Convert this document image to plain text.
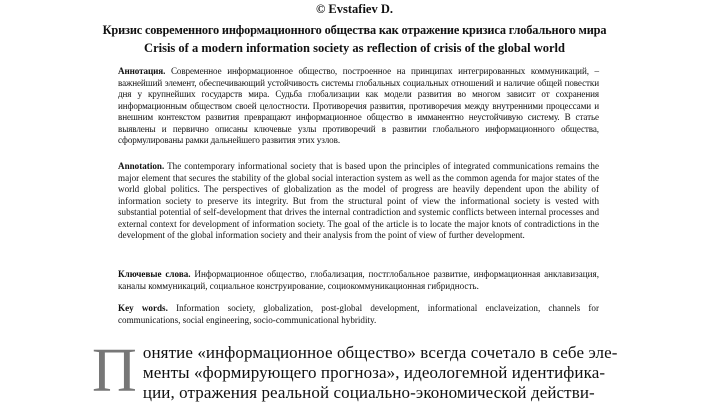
© Evstafiev D.
Кризис современного информационного общества как отражение кризиса глобального мира
Crisis of a modern information society as reflection of crisis of the global world
Аннотация. Современное информационное общество, построенное на принципах интегрированных коммуникаций, – важнейший элемент, обеспечивающий устойчивость системы глобальных социальных отношений и наличие общей повестки дня у крупнейших государств мира. Судьба глобализации как модели развития во многом зависит от сохранения информационным обществом своей целостности. Противоречия развития, противоречия между внутренними процессами и внешним контекстом развития превращают информационное общество в имманентно неустойчивую систему. В статье выявлены и первично описаны ключевые узлы противоречий в развитии глобального информационного общества, сформулированы рамки дальнейшего развития этих узлов.
Annotation. The contemporary informational society that is based upon the principles of integrated communications remains the major element that secures the stability of the global social interaction system as well as the common agenda for major states of the world global politics. The perspectives of globalization as the model of progress are heavily dependent upon the ability of information society to preserve its integrity. But from the structural point of view the informational society is vested with substantial potential of self-development that drives the internal contradiction and systemic conflicts between internal processes and external context for development of information society. The goal of the article is to locate the major knots of contradictions in the development of the global information society and their analysis from the point of view of further development.
Ключевые слова. Информационное общество, глобализация, постглобальное развитие, информационная анклавизация, каналы коммуникаций, социальное конструирование, социокоммуникационная гибридность.
Key words. Information society, globalization, post-global development, informational enclaveization, channels for communications, social engineering, socio-communicational hybridity.
П онятие «информационное общество» всегда сочетало в себе эле-
менты «формирующего прогноза», идеологемной идентифика-
ции, отражения реальной социально-экономической действи-
